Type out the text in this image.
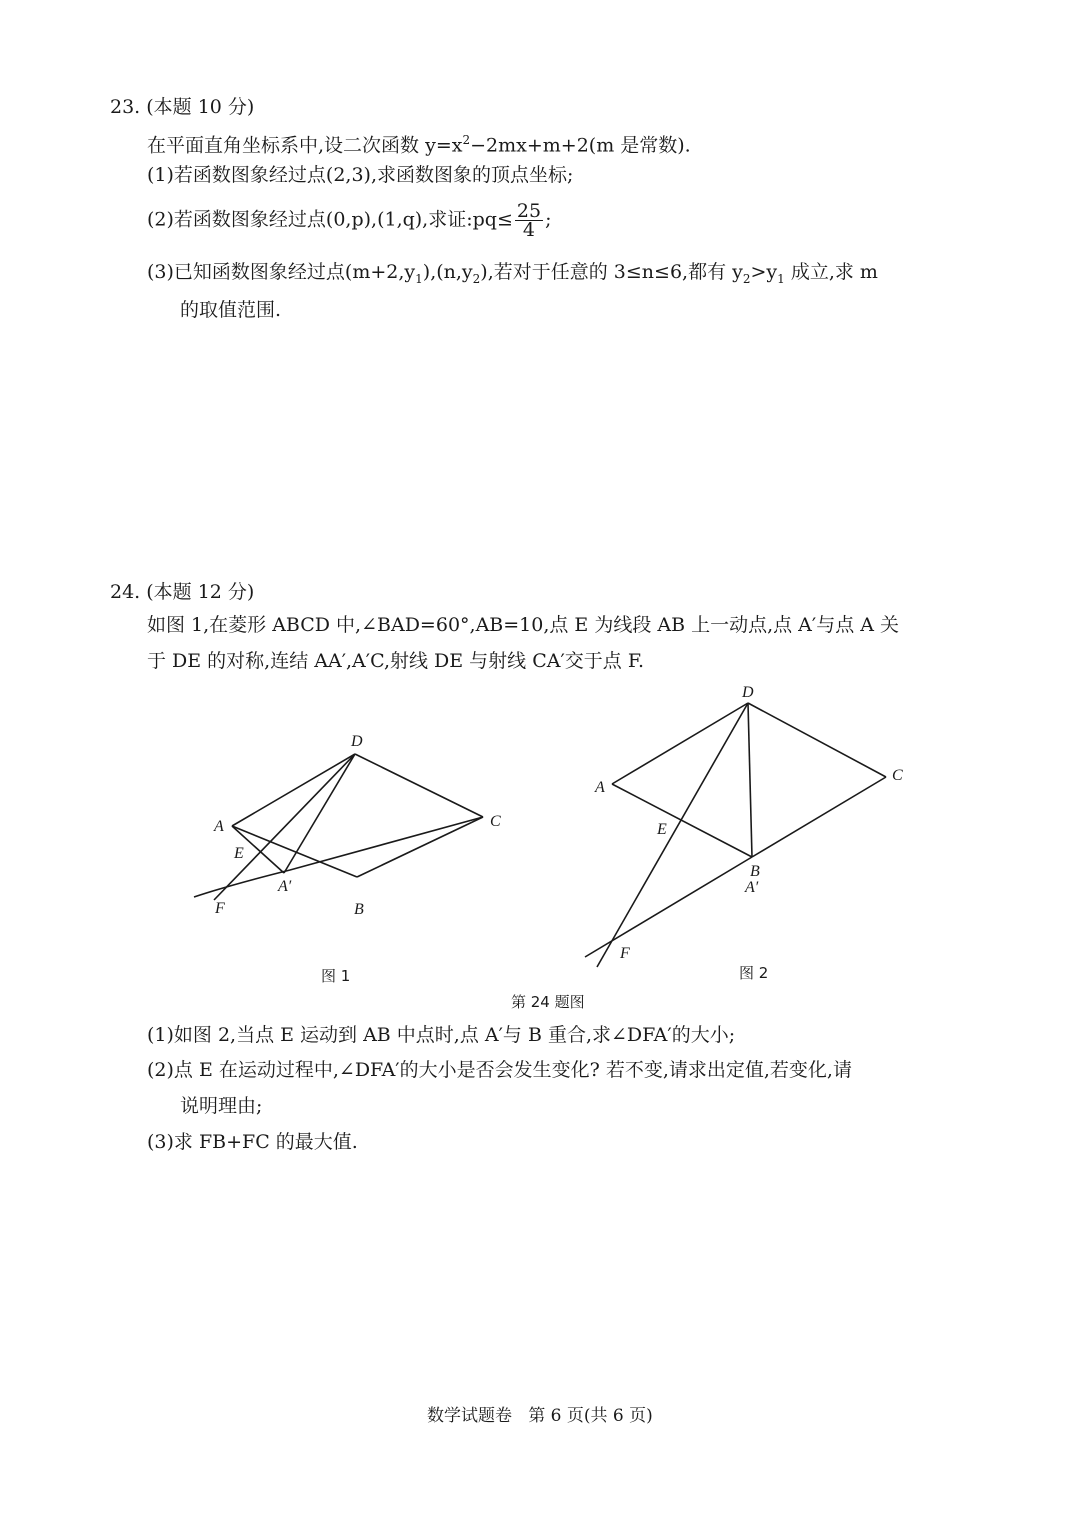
23. (本题 10 分)
在平面直角坐标系中,设二次函数 $y=x^2-2mx+m+2(m$ 是常数).
(1)若函数图象经过点(2,3),求函数图象的顶点坐标;
(2)若函数图象经过点(0,p),(1,q),求证:pq≤ $\frac{25}{4}$ ;
(3)已知函数图象经过点$(m+2,y_1),(n,y_2)$,若对于任意的 3≤n≤6,都有 $y_2>y_1$ 成立,求 m
的取值范围.
24. (本题 12 分)
如图 1,在菱形 ABCD 中,∠BAD=60°,AB=10,点 E 为线段 AB 上一动点,点 A′与点 A 关
于 DE 的对称,连结 AA′,A′C,射线 DE 与射线 CA′交于点 F.
D
A	C
E
A′
F	B
图 1
D
A
C
E
B
A′
F
图 2
第 24 题图
(1)如图 2,当点 E 运动到 AB 中点时,点 A′与 B 重合,求∠DFA′的大小;
(2)点 E 在运动过程中,∠DFA′的大小是否会发生变化? 若不变,请求出定值,若变化,请
说明理由;
(3)求 FB+FC 的最大值.
数学试题卷   第 6 页(共 6 页)
